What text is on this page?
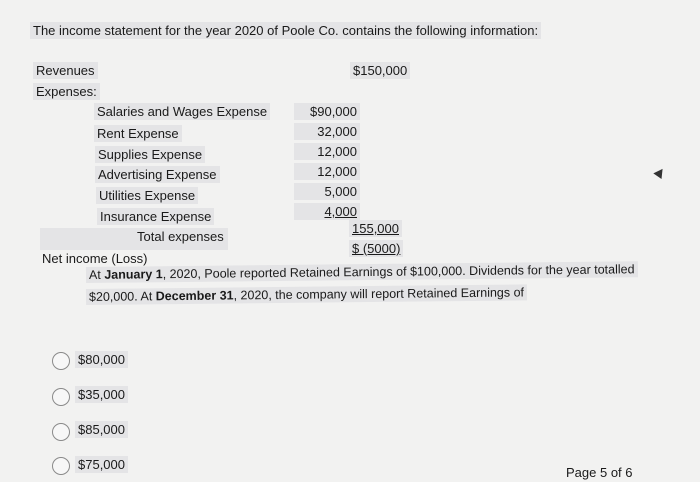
The income statement for the year 2020 of Poole Co. contains the following information:
Revenues	$150,000
Expenses:
Salaries and Wages Expense
Rent Expense
Supplies Expense
Advertising Expense
Utilities Expense
Insurance Expense
$90,000
32,000
12,000
12,000
5,000
4,000
Total expenses
155,000
Net income (Loss)
$ (5000)
At January 1, 2020, Poole reported Retained Earnings of $100,000. Dividends for the year totalled
$20,000. At December 31, 2020, the company will report Retained Earnings of
$80,000
$35,000
$85,000
$75,000
Page 5 of 6
